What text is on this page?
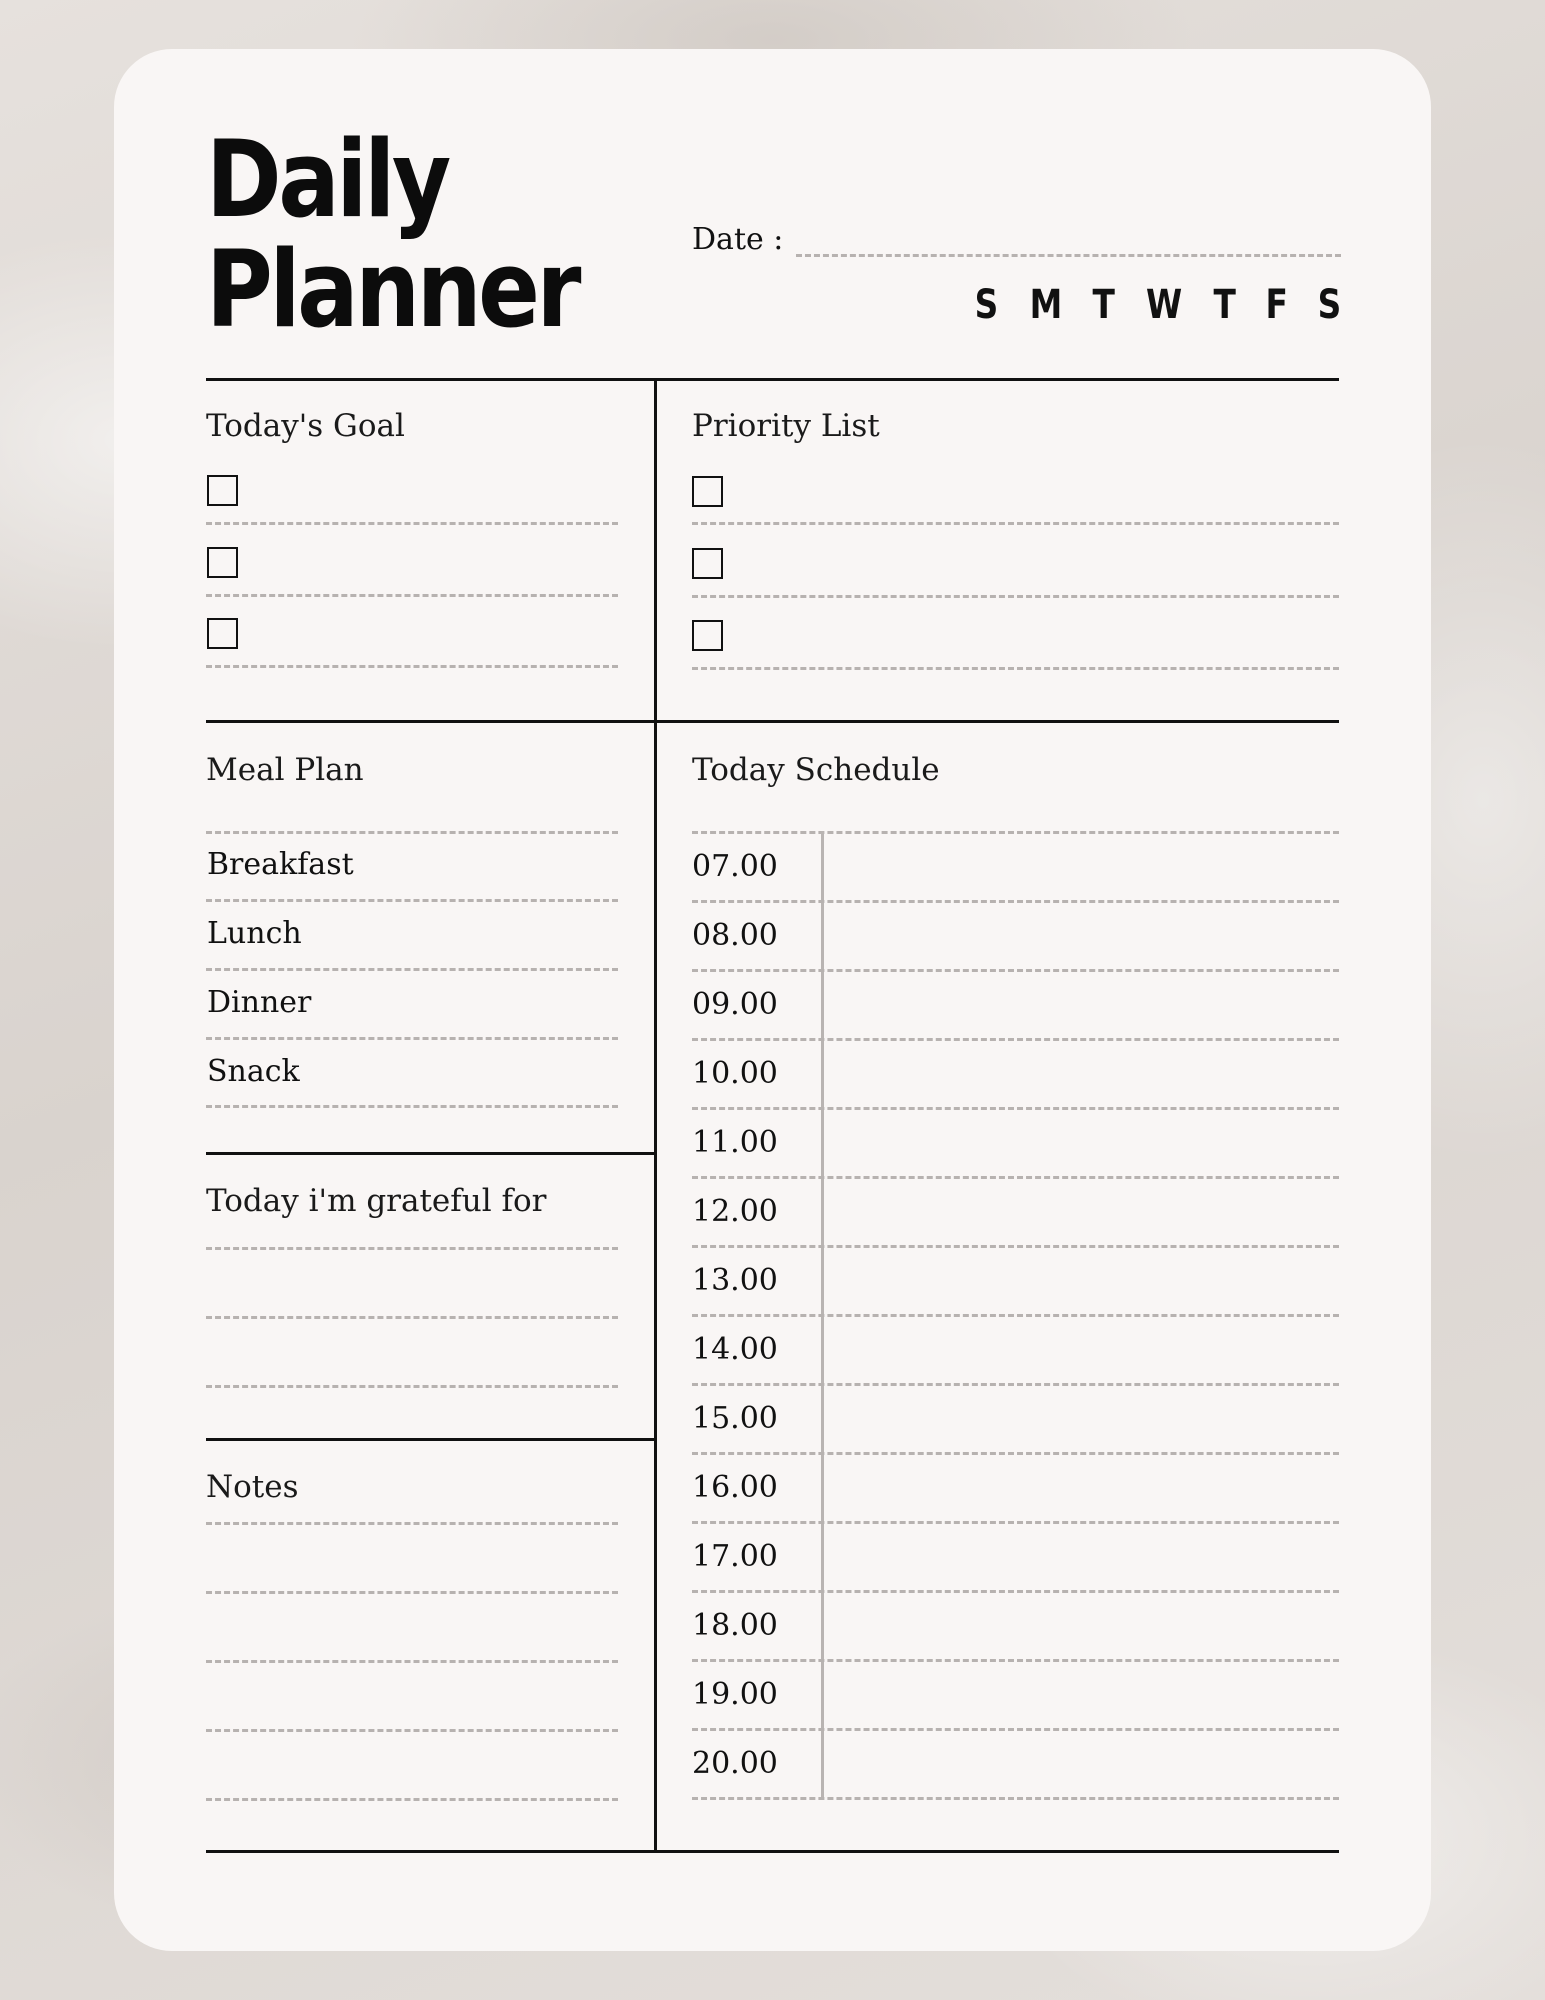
Daily
Planner	Date :
S M T W T F S
Today's Goal	Priority List
Meal Plan
Breakfast
Lunch
Dinner
Snack
Today i'm grateful for
Notes
Today Schedule
07.00
08.00
09.00
10.00
11.00
12.00
13.00
14.00
15.00
16.00
17.00
18.00
19.00
20.00
